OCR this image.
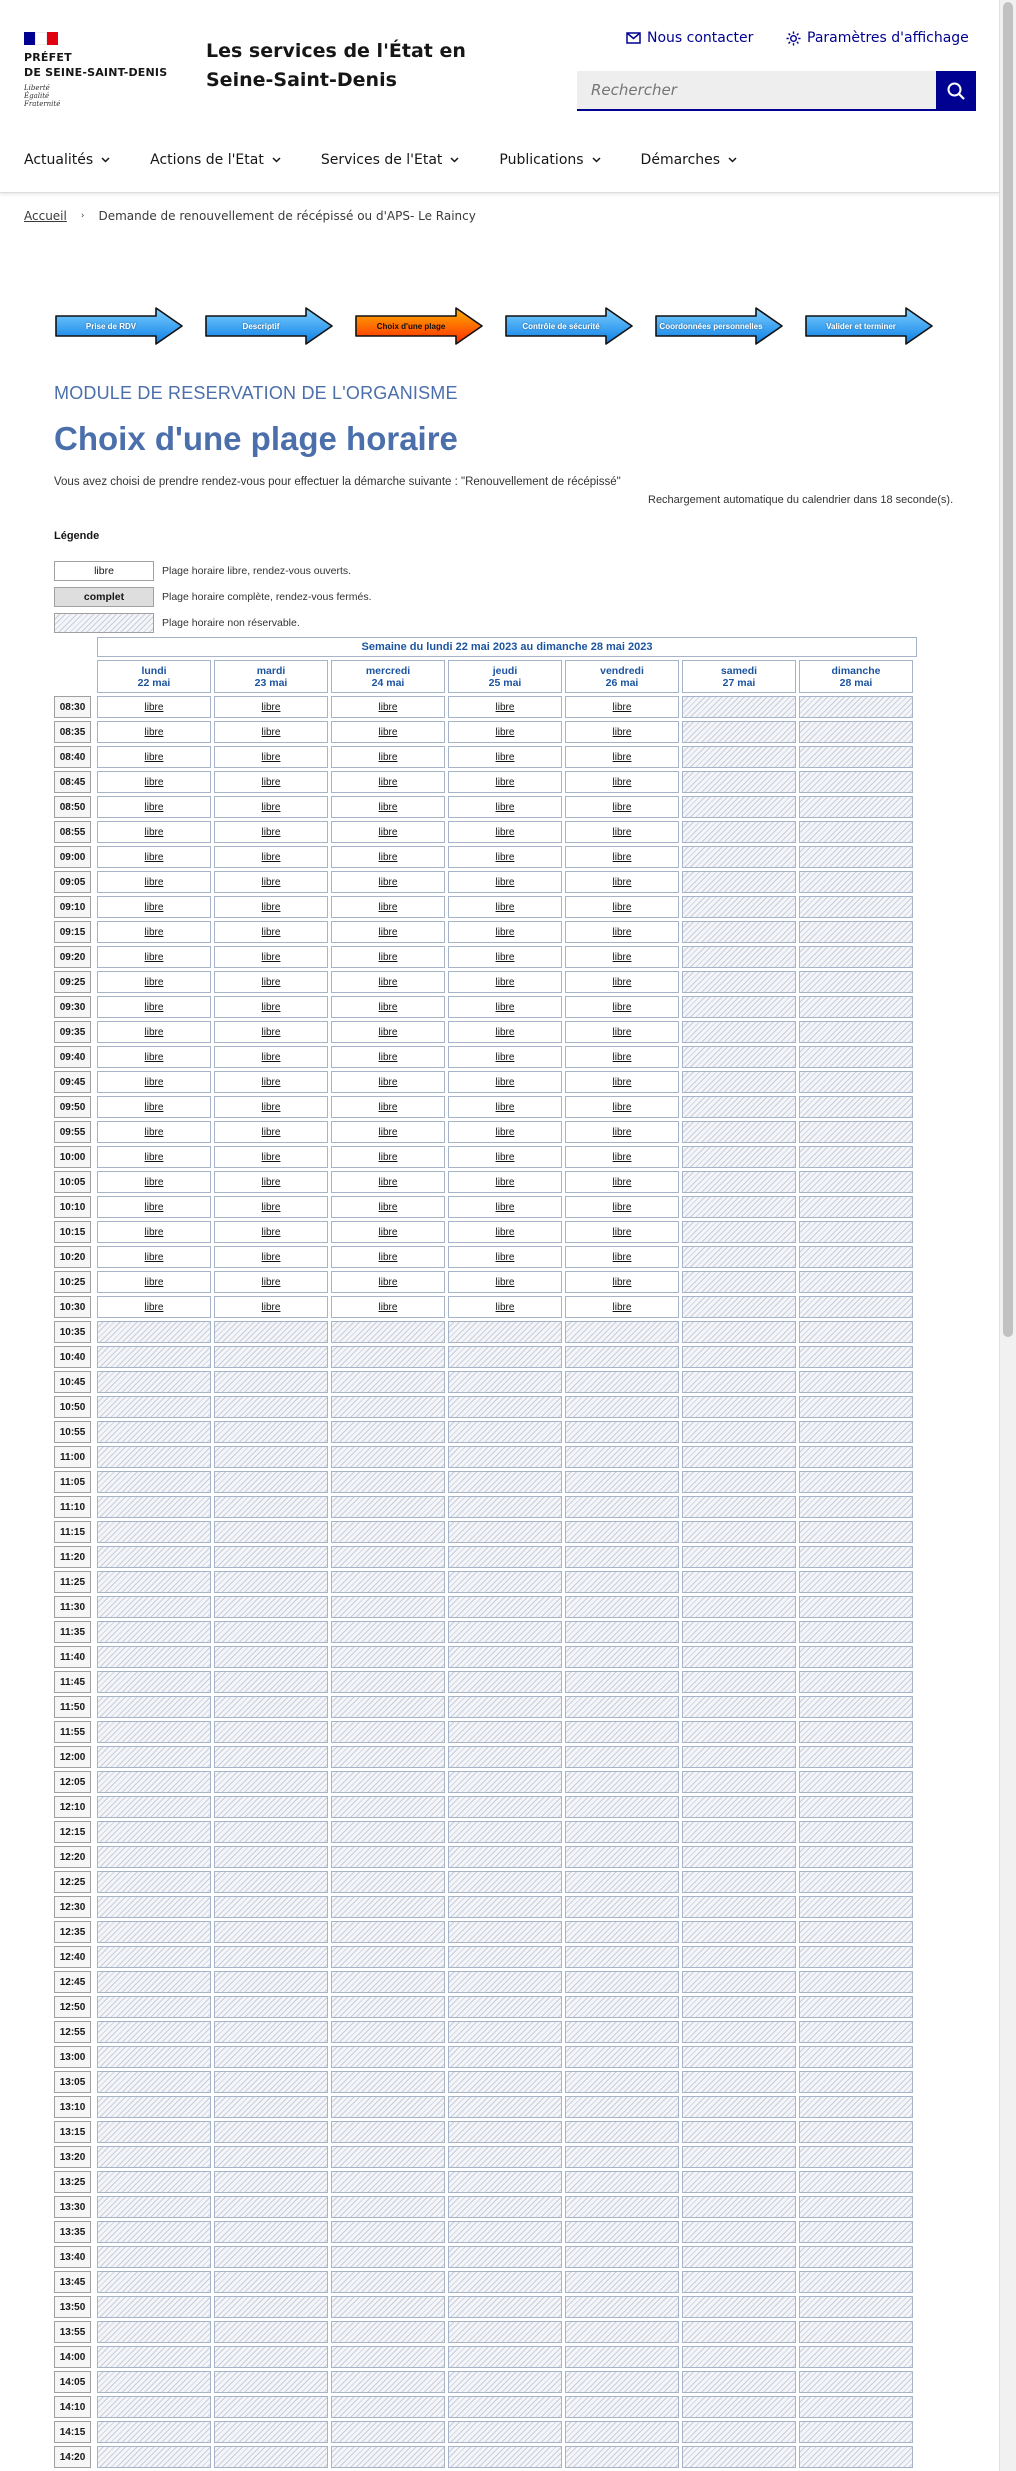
PRÉFET
DE SEINE-SAINT-DENIS
Liberté
Égalité
Fraternité
Les services de l'État en Seine-Saint-Denis
Nous contacter	Paramètres d'affichage
Rechercher
Actualités	Actions de l'Etat	Services de l'Etat	Publications	Démarches
Accueil › Demande de renouvellement de récépissé ou d'APS- Le Raincy
Prise de RDV	Descriptif	Choix d'une plage	Contrôle de sécurité	Coordonnées personnelles	Valider et terminer
MODULE DE RESERVATION DE L'ORGANISME
Choix d'une plage horaire
Vous avez choisi de prendre rendez-vous pour effectuer la démarche suivante : "Renouvellement de récépissé"
Rechargement automatique du calendrier dans 18 seconde(s).
Légende
libre	Plage horaire libre, rendez-vous ouverts.
complet	Plage horaire complète, rendez-vous fermés.
Plage horaire non réservable.
Semaine du lundi 22 mai 2023 au dimanche 28 mai 2023
lundi
22 mai
mardi
23 mai
mercredi
24 mai
jeudi
25 mai
vendredi
26 mai
samedi
27 mai
dimanche
28 mai
08:30	libre	libre	libre	libre	libre
08:35	libre	libre	libre	libre	libre
08:40	libre	libre	libre	libre	libre
08:45	libre	libre	libre	libre	libre
08:50	libre	libre	libre	libre	libre
08:55	libre	libre	libre	libre	libre
09:00	libre	libre	libre	libre	libre
09:05	libre	libre	libre	libre	libre
09:10	libre	libre	libre	libre	libre
09:15	libre	libre	libre	libre	libre
09:20	libre	libre	libre	libre	libre
09:25	libre	libre	libre	libre	libre
09:30	libre	libre	libre	libre	libre
09:35	libre	libre	libre	libre	libre
09:40	libre	libre	libre	libre	libre
09:45	libre	libre	libre	libre	libre
09:50	libre	libre	libre	libre	libre
09:55	libre	libre	libre	libre	libre
10:00	libre	libre	libre	libre	libre
10:05	libre	libre	libre	libre	libre
10:10	libre	libre	libre	libre	libre
10:15	libre	libre	libre	libre	libre
10:20	libre	libre	libre	libre	libre
10:25	libre	libre	libre	libre	libre
10:30	libre	libre	libre	libre	libre
10:35
10:40
10:45
10:50
10:55
11:00
11:05
11:10
11:15
11:20
11:25
11:30
11:35
11:40
11:45
11:50
11:55
12:00
12:05
12:10
12:15
12:20
12:25
12:30
12:35
12:40
12:45
12:50
12:55
13:00
13:05
13:10
13:15
13:20
13:25
13:30
13:35
13:40
13:45
13:50
13:55
14:00
14:05
14:10
14:15
14:20
